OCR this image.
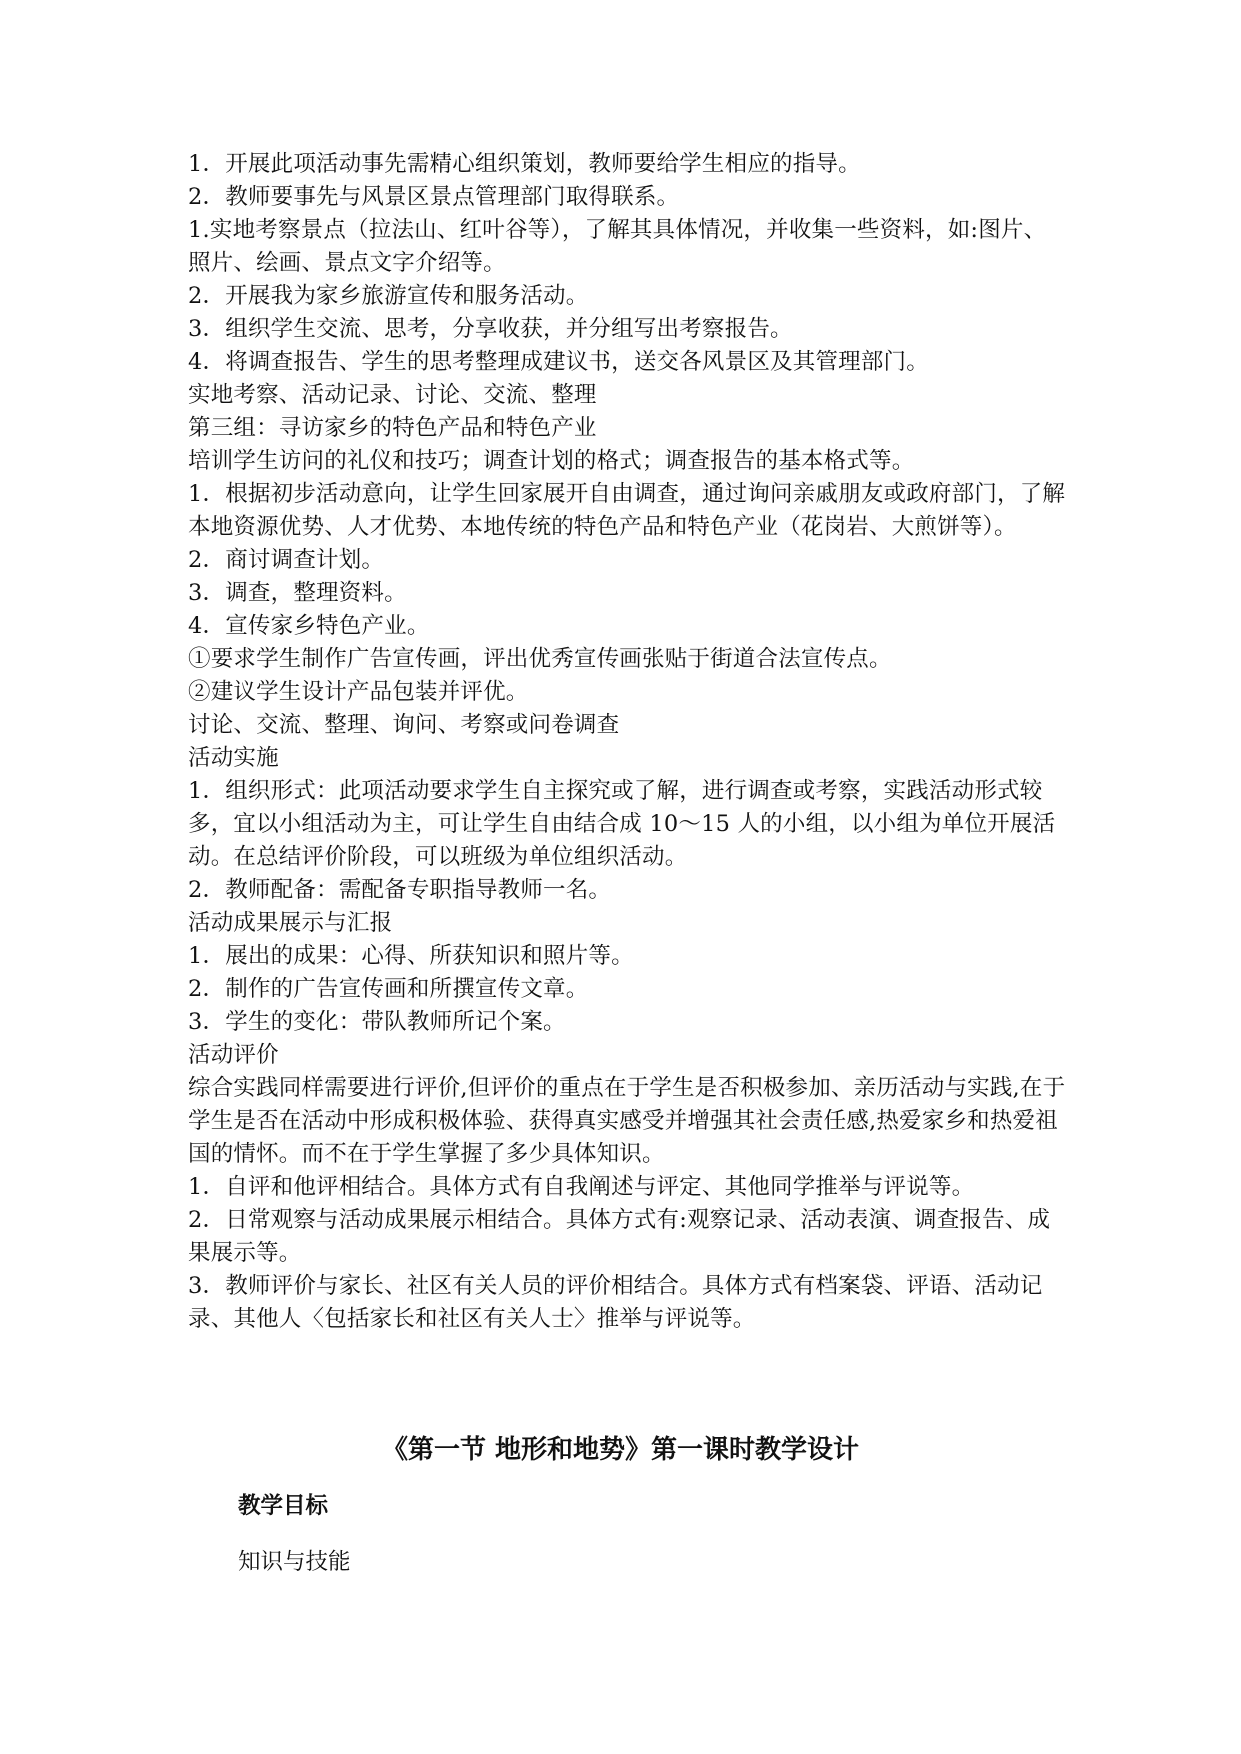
1．开展此项活动事先需精心组织策划，教师要给学生相应的指导。
2．教师要事先与风景区景点管理部门取得联系。
1.实地考察景点（拉法山、红叶谷等），了解其具体情况，并收集一些资料，如:图片、照片、绘画、景点文字介绍等。
2．开展我为家乡旅游宣传和服务活动。
3．组织学生交流、思考，分享收获，并分组写出考察报告。
4．将调查报告、学生的思考整理成建议书，送交各风景区及其管理部门。
实地考察、活动记录、讨论、交流、整理
第三组：寻访家乡的特色产品和特色产业
培训学生访问的礼仪和技巧；调查计划的格式；调查报告的基本格式等。
1．根据初步活动意向，让学生回家展开自由调查，通过询问亲戚朋友或政府部门，了解本地资源优势、人才优势、本地传统的特色产品和特色产业（花岗岩、大煎饼等）。
2．商讨调查计划。
3．调查，整理资料。
4．宣传家乡特色产业。
①要求学生制作广告宣传画，评出优秀宣传画张贴于街道合法宣传点。
②建议学生设计产品包装并评优。
讨论、交流、整理、询问、考察或问卷调查
活动实施
1．组织形式：此项活动要求学生自主探究或了解，进行调查或考察，实践活动形式较多，宜以小组活动为主，可让学生自由结合成 10～15 人的小组，以小组为单位开展活动。在总结评价阶段，可以班级为单位组织活动。
2．教师配备：需配备专职指导教师一名。
活动成果展示与汇报
1．展出的成果：心得、所获知识和照片等。
2．制作的广告宣传画和所撰宣传文章。
3．学生的变化：带队教师所记个案。
活动评价
综合实践同样需要进行评价,但评价的重点在于学生是否积极参加、亲历活动与实践,在于学生是否在活动中形成积极体验、获得真实感受并增强其社会责任感,热爱家乡和热爱祖国的情怀。而不在于学生掌握了多少具体知识。
1．自评和他评相结合。具体方式有自我阐述与评定、其他同学推举与评说等。
2．日常观察与活动成果展示相结合。具体方式有:观察记录、活动表演、调查报告、成果展示等。
3．教师评价与家长、社区有关人员的评价相结合。具体方式有档案袋、评语、活动记录、其他人〈包括家长和社区有关人士〉推举与评说等。
《第一节 地形和地势》第一课时教学设计
教学目标
知识与技能
